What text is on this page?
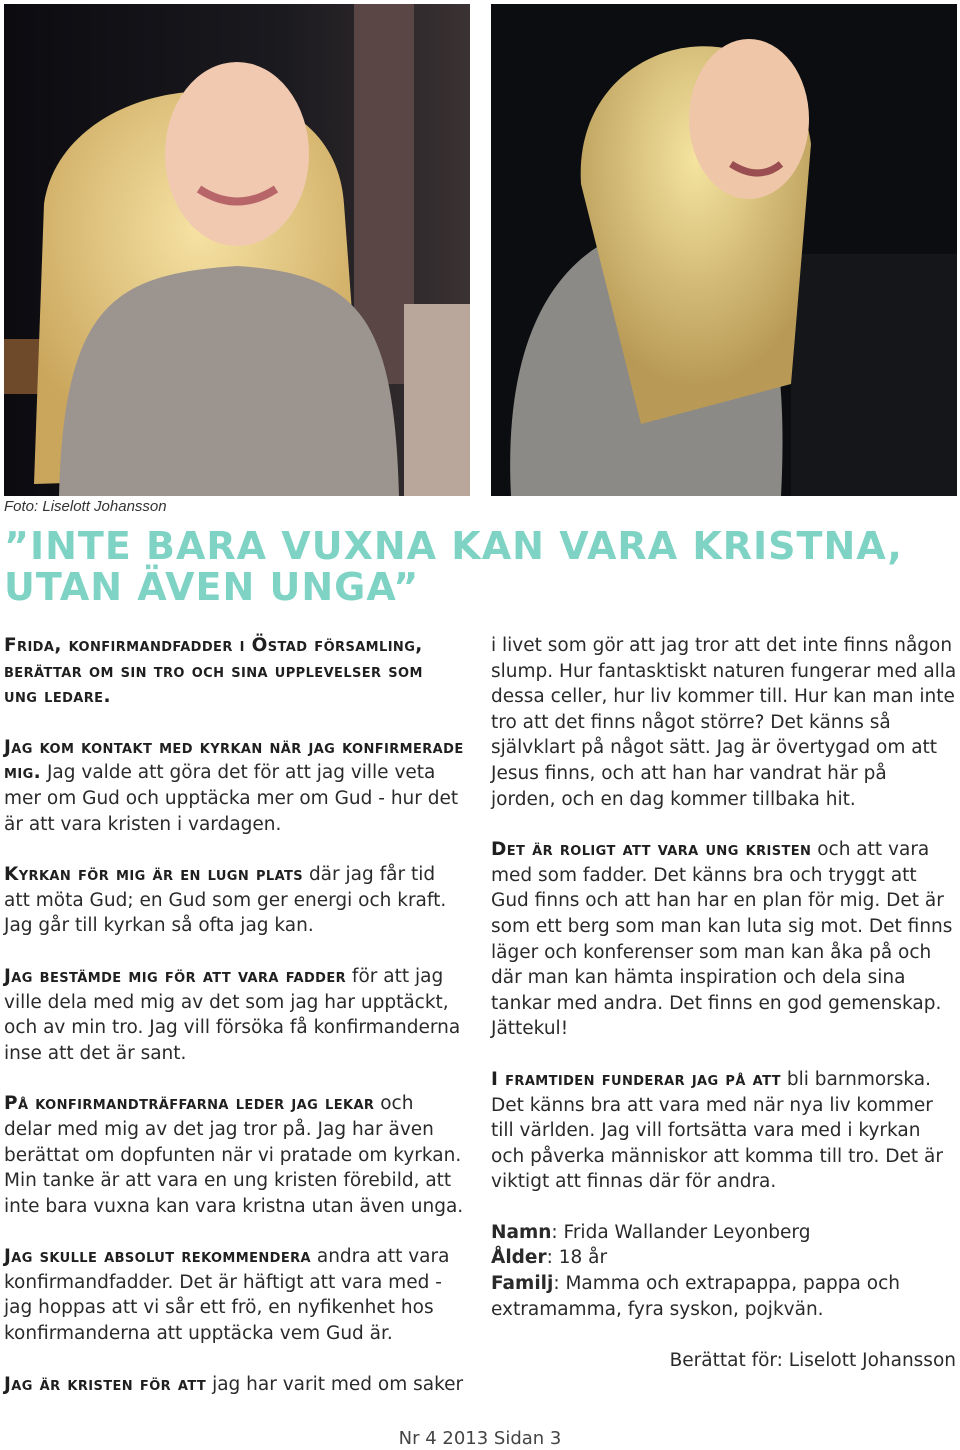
Foto: Liselott Johansson
”INTE BARA VUXNA KAN VARA KRISTNA,
UTAN ÄVEN UNGA”

Frida, konfirmandfadder i Östad församling,
berättar om sin tro och sina upplevelser som
ung ledare.

Jag kom kontakt med kyrkan när jag konfirmerade mig. Jag valde att göra det för att jag ville veta mer om Gud och upptäcka mer om Gud - hur det är att vara kristen i vardagen.

Kyrkan för mig är en lugn plats där jag får tid att möta Gud; en Gud som ger energi och kraft. Jag går till kyrkan så ofta jag kan.

Jag bestämde mig för att vara fadder för att jag ville dela med mig av det som jag har upptäckt, och av min tro. Jag vill försöka få konfirmanderna inse att det är sant.

På konfirmandträffarna leder jag lekar och delar med mig av det jag tror på. Jag har även berättat om dopfunten när vi pratade om kyrkan. Min tanke är att vara en ung kristen förebild, att inte bara vuxna kan vara kristna utan även unga.

Jag skulle absolut rekommendera andra att vara konfirmandfadder. Det är häftigt att vara med - jag hoppas att vi sår ett frö, en nyfikenhet hos konfirmanderna att upptäcka vem Gud är.

Jag är kristen för att jag har varit med om saker

i livet som gör att jag tror att det inte finns någon slump. Hur fantasktiskt naturen fungerar med alla dessa celler, hur liv kommer till. Hur kan man inte tro att det finns något större? Det känns så självklart på något sätt. Jag är övertygad om att Jesus finns, och att han har vandrat här på jorden, och en dag kommer tillbaka hit.

Det är roligt att vara ung kristen och att vara med som fadder. Det känns bra och tryggt att Gud finns och att han har en plan för mig. Det är som ett berg som man kan luta sig mot. Det finns läger och konferenser som man kan åka på och där man kan hämta inspiration och dela sina tankar med andra. Det finns en god gemenskap. Jättekul!

I framtiden funderar jag på att bli barnmorska. Det känns bra att vara med när nya liv kommer till världen. Jag vill fortsätta vara med i kyrkan och påverka människor att komma till tro. Det är viktigt att finnas där för andra.

Namn: Frida Wallander Leyonberg

Ålder: 18 år

Familj: Mamma och extrapappa, pappa och extramamma, fyra syskon, pojkvän.

Berättat för: Liselott Johansson
Nr 4 2013 Sidan 3
